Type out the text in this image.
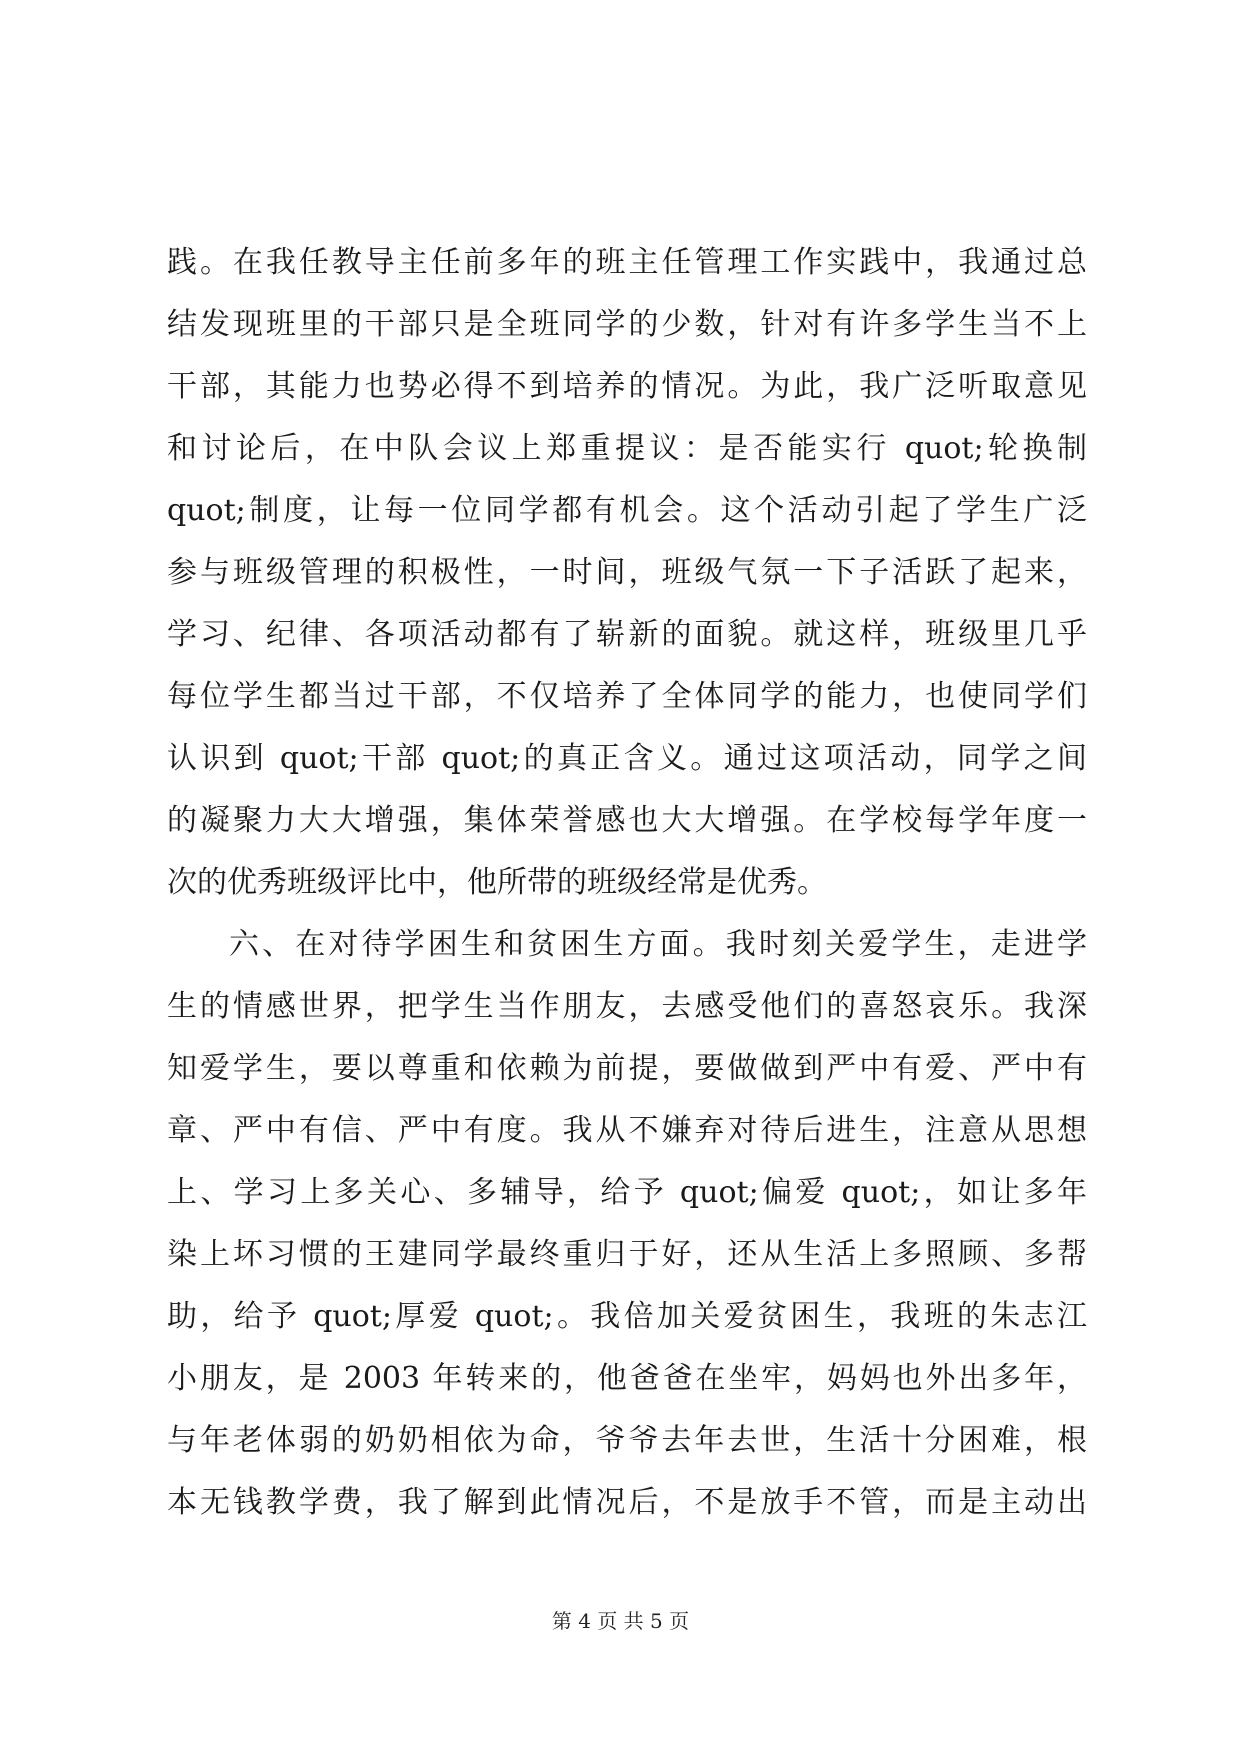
践。在我任教导主任前多年的班主任管理工作实践中，我通过总
结发现班里的干部只是全班同学的少数，针对有许多学生当不上
干部，其能力也势必得不到培养的情况。为此，我广泛听取意见
和讨论后，在中队会议上郑重提议：是否能实行 quot;轮换制
quot;制度，让每一位同学都有机会。这个活动引起了学生广泛
参与班级管理的积极性，一时间，班级气氛一下子活跃了起来，
学习、纪律、各项活动都有了崭新的面貌。就这样，班级里几乎
每位学生都当过干部，不仅培养了全体同学的能力，也使同学们
认识到 quot;干部 quot;的真正含义。通过这项活动，同学之间
的凝聚力大大增强，集体荣誉感也大大增强。在学校每学年度一
次的优秀班级评比中，他所带的班级经常是优秀。
六、在对待学困生和贫困生方面。我时刻关爱学生，走进学
生的情感世界，把学生当作朋友，去感受他们的喜怒哀乐。我深
知爱学生，要以尊重和依赖为前提，要做做到严中有爱、严中有
章、严中有信、严中有度。我从不嫌弃对待后进生，注意从思想
上、学习上多关心、多辅导，给予 quot;偏爱 quot;，如让多年
染上坏习惯的王建同学最终重归于好，还从生活上多照顾、多帮
助，给予 quot;厚爱 quot;。我倍加关爱贫困生，我班的朱志江
小朋友，是 2003 年转来的，他爸爸在坐牢，妈妈也外出多年，
与年老体弱的奶奶相依为命，爷爷去年去世，生活十分困难，根
本无钱教学费，我了解到此情况后，不是放手不管，而是主动出
第 4 页 共 5 页
